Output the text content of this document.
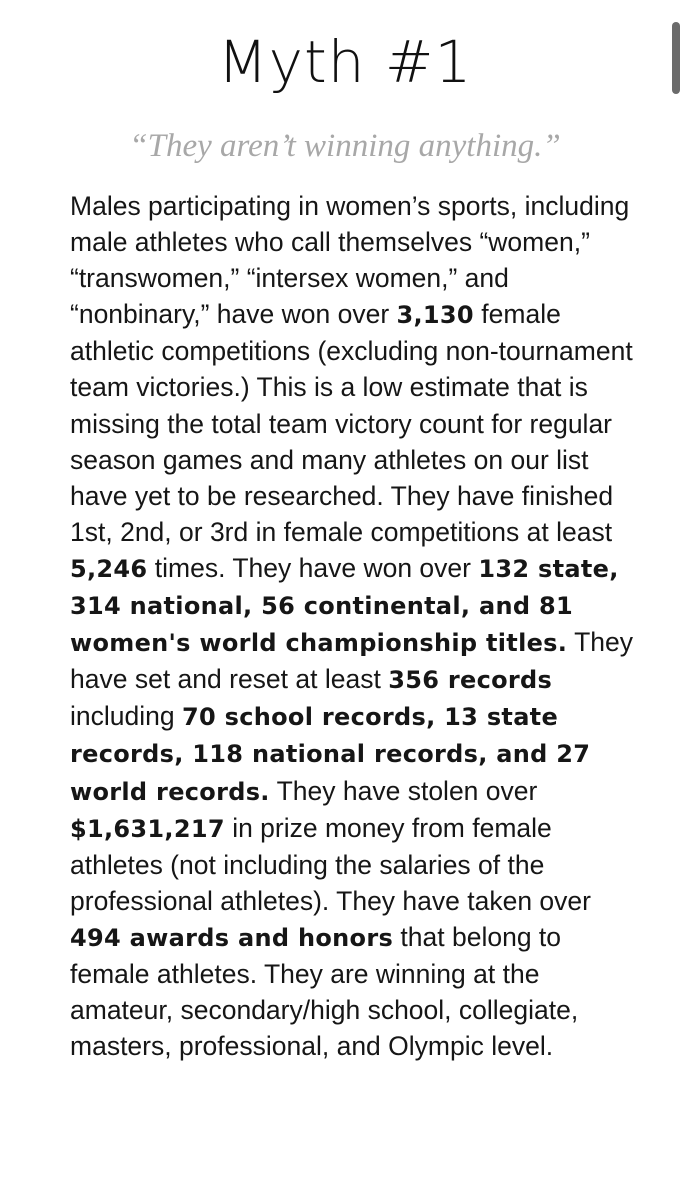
Myth #1
“They aren’t winning anything.”
Males participating in women’s sports, including male athletes who call themselves “women,” “transwomen,” “intersex women,” and “nonbinary,” have won over 3,130 female athletic competitions (excluding non-tournament team victories.) This is a low estimate that is missing the total team victory count for regular season games and many athletes on our list have yet to be researched. They have finished 1st, 2nd, or 3rd in female competitions at least 5,246 times. They have won over 132 state, 314 national, 56 continental, and 81 women's world championship titles. They have set and reset at least 356 records including 70 school records, 13 state records, 118 national records, and 27 world records. They have stolen over $1,631,217 in prize money from female athletes (not including the salaries of the professional athletes). They have taken over 494 awards and honors that belong to female athletes. They are winning at the amateur, secondary/high school, collegiate, masters, professional, and Olympic level.
